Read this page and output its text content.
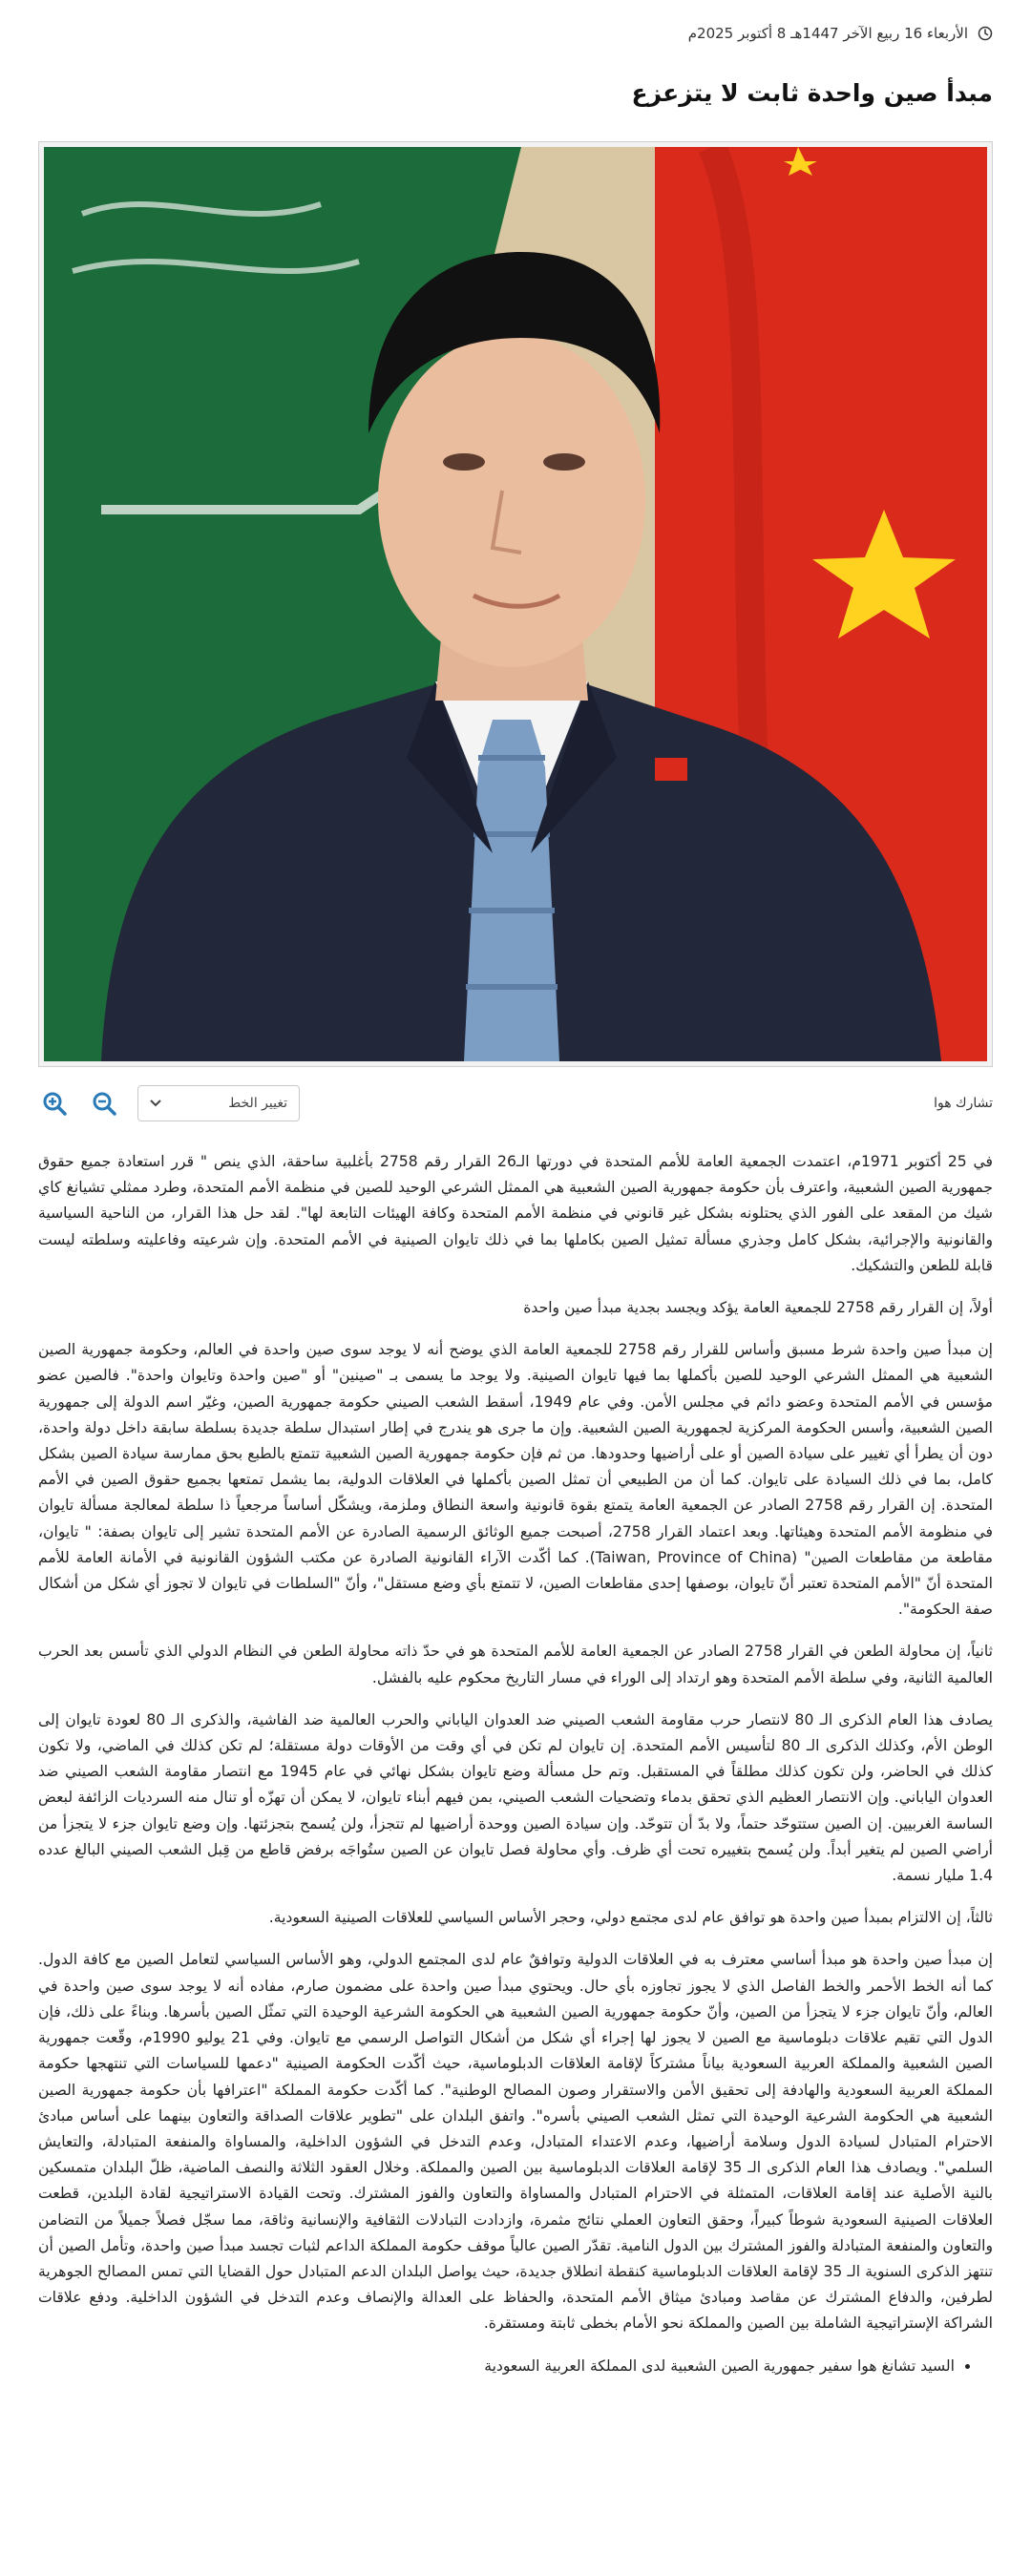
الأربعاء 16 ربيع الآخر 1447هـ 8 أكتوبر 2025م
مبدأ صين واحدة ثابت لا يتزعزع
تشارك هوا
تغيير الخط

في 25 أكتوبر 1971م، اعتمدت الجمعية العامة للأمم المتحدة في دورتها الـ26 القرار رقم 2758 بأغلبية ساحقة، الذي ينص " قرر استعادة جميع حقوق جمهورية الصين الشعبية، واعترف بأن حكومة جمهورية الصين الشعبية هي الممثل الشرعي الوحيد للصين في منظمة الأمم المتحدة، وطرد ممثلي تشيانغ كاي شيك من المقعد على الفور الذي يحتلونه بشكل غير قانوني في منظمة الأمم المتحدة وكافة الهيئات التابعة لها". لقد حل هذا القرار، من الناحية السياسية والقانونية والإجرائية، بشكل كامل وجذري مسألة تمثيل الصين بكاملها بما في ذلك تايوان الصينية في الأمم المتحدة. وإن شرعيته وفاعليته وسلطته ليست قابلة للطعن والتشكيك.

أولاً، إن القرار رقم 2758 للجمعية العامة يؤكد ويجسد بجدية مبدأ صين واحدة

إن مبدأ صين واحدة شرط مسبق وأساس للقرار رقم 2758 للجمعية العامة الذي يوضح أنه لا يوجد سوى صين واحدة في العالم، وحكومة جمهورية الصين الشعبية هي الممثل الشرعي الوحيد للصين بأكملها بما فيها تايوان الصينية. ولا يوجد ما يسمى بـ "صينين" أو "صين واحدة وتايوان واحدة". فالصين عضو مؤسس في الأمم المتحدة وعضو دائم في مجلس الأمن. وفي عام 1949، أسقط الشعب الصيني حكومة جمهورية الصين، وغيّر اسم الدولة إلى جمهورية الصين الشعبية، وأسس الحكومة المركزية لجمهورية الصين الشعبية. وإن ما جرى هو يندرج في إطار استبدال سلطة جديدة بسلطة سابقة داخل دولة واحدة، دون أن يطرأ أي تغيير على سيادة الصين أو على أراضيها وحدودها. من ثم فإن حكومة جمهورية الصين الشعبية تتمتع بالطبع بحق ممارسة سيادة الصين بشكل كامل، بما في ذلك السيادة على تايوان. كما أن من الطبيعي أن تمثل الصين بأكملها في العلاقات الدولية، بما يشمل تمتعها بجميع حقوق الصين في الأمم المتحدة. إن القرار رقم 2758 الصادر عن الجمعية العامة يتمتع بقوة قانونية واسعة النطاق وملزمة، ويشكّل أساساً مرجعياً ذا سلطة لمعالجة مسألة تايوان في منظومة الأمم المتحدة وهيئاتها. وبعد اعتماد القرار 2758، أصبحت جميع الوثائق الرسمية الصادرة عن الأمم المتحدة تشير إلى تايوان بصفة: " تايوان، مقاطعة من مقاطعات الصين" (Taiwan, Province of China). كما أكّدت الآراء القانونية الصادرة عن مكتب الشؤون القانونية في الأمانة العامة للأمم المتحدة أنّ "الأمم المتحدة تعتبر أنّ تايوان، بوصفها إحدى مقاطعات الصين، لا تتمتع بأي وضع مستقل"، وأنّ "السلطات في تايوان لا تجوز أي شكل من أشكال صفة الحكومة".

ثانياً، إن محاولة الطعن في القرار 2758 الصادر عن الجمعية العامة للأمم المتحدة هو في حدّ ذاته محاولة الطعن في النظام الدولي الذي تأسس بعد الحرب العالمية الثانية، وفي سلطة الأمم المتحدة وهو ارتداد إلى الوراء في مسار التاريخ محكوم عليه بالفشل.

يصادف هذا العام الذكرى الـ 80 لانتصار حرب مقاومة الشعب الصيني ضد العدوان الياباني والحرب العالمية ضد الفاشية، والذكرى الـ 80 لعودة تايوان إلى الوطن الأم، وكذلك الذكرى الـ 80 لتأسيس الأمم المتحدة. إن تايوان لم تكن في أي وقت من الأوقات دولة مستقلة؛ لم تكن كذلك في الماضي، ولا تكون كذلك في الحاضر، ولن تكون كذلك مطلقاً في المستقبل. وتم حل مسألة وضع تايوان بشكل نهائي في عام 1945 مع انتصار مقاومة الشعب الصيني ضد العدوان الياباني. وإن الانتصار العظيم الذي تحقق بدماء وتضحيات الشعب الصيني، بمن فيهم أبناء تايوان، لا يمكن أن تهزّه أو تنال منه السرديات الزائفة لبعض الساسة الغربيين. إن الصين ستتوحّد حتماً، ولا بدّ أن تتوحّد. وإن سيادة الصين ووحدة أراضيها لم تتجزأ، ولن يُسمح بتجزئتها. وإن وضع تايوان جزء لا يتجزأ من أراضي الصين لم يتغير أبداً. ولن يُسمح بتغييره تحت أي ظرف. وأي محاولة فصل تايوان عن الصين ستُواجَه برفض قاطع من قِبل الشعب الصيني البالغ عدده 1.4 مليار نسمة.

ثالثاً، إن الالتزام بمبدأ صين واحدة هو توافق عام لدى مجتمع دولي، وحجر الأساس السياسي للعلاقات الصينية السعودية.

إن مبدأ صين واحدة هو مبدأ أساسي معترف به في العلاقات الدولية وتوافقٌ عام لدى المجتمع الدولي، وهو الأساس السياسي لتعامل الصين مع كافة الدول. كما أنه الخط الأحمر والخط الفاصل الذي لا يجوز تجاوزه بأي حال. ويحتوي مبدأ صين واحدة على مضمون صارم، مفاده أنه لا يوجد سوى صين واحدة في العالم، وأنّ تايوان جزء لا يتجزأ من الصين، وأنّ حكومة جمهورية الصين الشعبية هي الحكومة الشرعية الوحيدة التي تمثّل الصين بأسرها. وبناءً على ذلك، فإن الدول التي تقيم علاقات دبلوماسية مع الصين لا يجوز لها إجراء أي شكل من أشكال التواصل الرسمي مع تايوان. وفي 21 يوليو 1990م، وقّعت جمهورية الصين الشعبية والمملكة العربية السعودية بياناً مشتركاً لإقامة العلاقات الدبلوماسية، حيث أكّدت الحكومة الصينية "دعمها للسياسات التي تنتهجها حكومة المملكة العربية السعودية والهادفة إلى تحقيق الأمن والاستقرار وصون المصالح الوطنية". كما أكّدت حكومة المملكة "اعترافها بأن حكومة جمهورية الصين الشعبية هي الحكومة الشرعية الوحيدة التي تمثل الشعب الصيني بأسره". واتفق البلدان على "تطوير علاقات الصداقة والتعاون بينهما على أساس مبادئ الاحترام المتبادل لسيادة الدول وسلامة أراضيها، وعدم الاعتداء المتبادل، وعدم التدخل في الشؤون الداخلية، والمساواة والمنفعة المتبادلة، والتعايش السلمي". ويصادف هذا العام الذكرى الـ 35 لإقامة العلاقات الدبلوماسية بين الصين والمملكة. وخلال العقود الثلاثة والنصف الماضية، ظلّ البلدان متمسكين بالنية الأصلية عند إقامة العلاقات، المتمثلة في الاحترام المتبادل والمساواة والتعاون والفوز المشترك. وتحت القيادة الاستراتيجية لقادة البلدين، قطعت العلاقات الصينية السعودية شوطاً كبيراً، وحقق التعاون العملي نتائج مثمرة، وازدادت التبادلات الثقافية والإنسانية وثاقة، مما سجّل فصلاً جميلاً من التضامن والتعاون والمنفعة المتبادلة والفوز المشترك بين الدول النامية. تقدّر الصين عالياً موقف حكومة المملكة الداعم لثبات تجسد مبدأ صين واحدة، وتأمل الصين أن تنتهز الذكرى السنوية الـ 35 لإقامة العلاقات الدبلوماسية كنقطة انطلاق جديدة، حيث يواصل البلدان الدعم المتبادل حول القضايا التي تمس المصالح الجوهرية لطرفين، والدفاع المشترك عن مقاصد ومبادئ ميثاق الأمم المتحدة، والحفاظ على العدالة والإنصاف وعدم التدخل في الشؤون الداخلية. ودفع علاقات الشراكة الإستراتيجية الشاملة بين الصين والمملكة نحو الأمام بخطى ثابتة ومستقرة.

• السيد تشانغ هوا سفير جمهورية الصين الشعبية لدى المملكة العربية السعودية
